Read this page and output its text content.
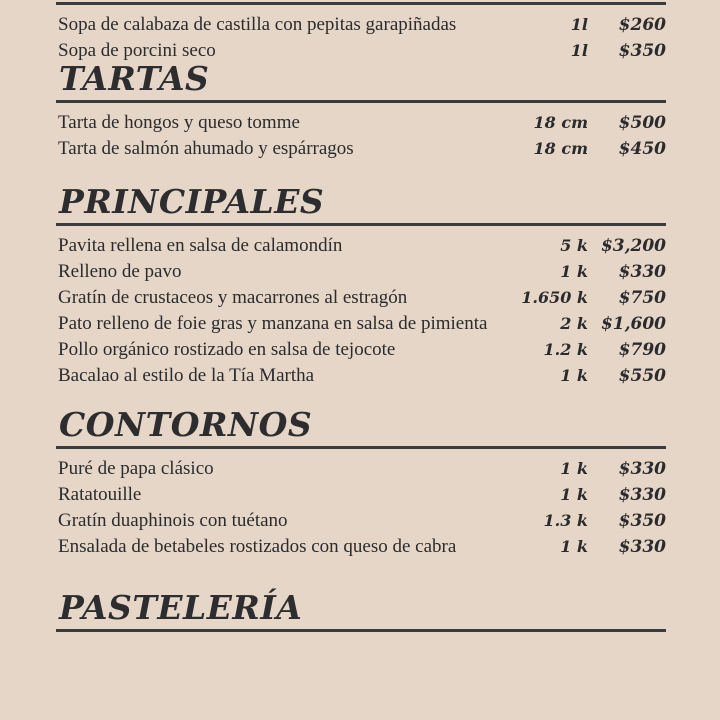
Sopa de calabaza de castilla con pepitas garapiñadas	1l	$260
Sopa de porcini seco	1l	$350
TARTAS
Tarta de hongos y queso tomme	18 cm	$500
Tarta de salmón ahumado y espárragos	18 cm	$450
PRINCIPALES
Pavita rellena en salsa de calamondín	5 k $3,200
Relleno de pavo	1 k	$330
Gratín de crustaceos y macarrones al estragón	1.650 k	$750
Pato relleno de foie gras y manzana en salsa de pimienta	2 k $1,600
Pollo orgánico rostizado en salsa de tejocote	1.2 k	$790
Bacalao al estilo de la Tía Martha	1 k	$550
CONTORNOS
Puré de papa clásico	1 k	$330
Ratatouille	1 k	$330
Gratín duaphinois con tuétano	1.3 k	$350
Ensalada de betabeles rostizados con queso de cabra	1 k	$330
PASTELERÍA
